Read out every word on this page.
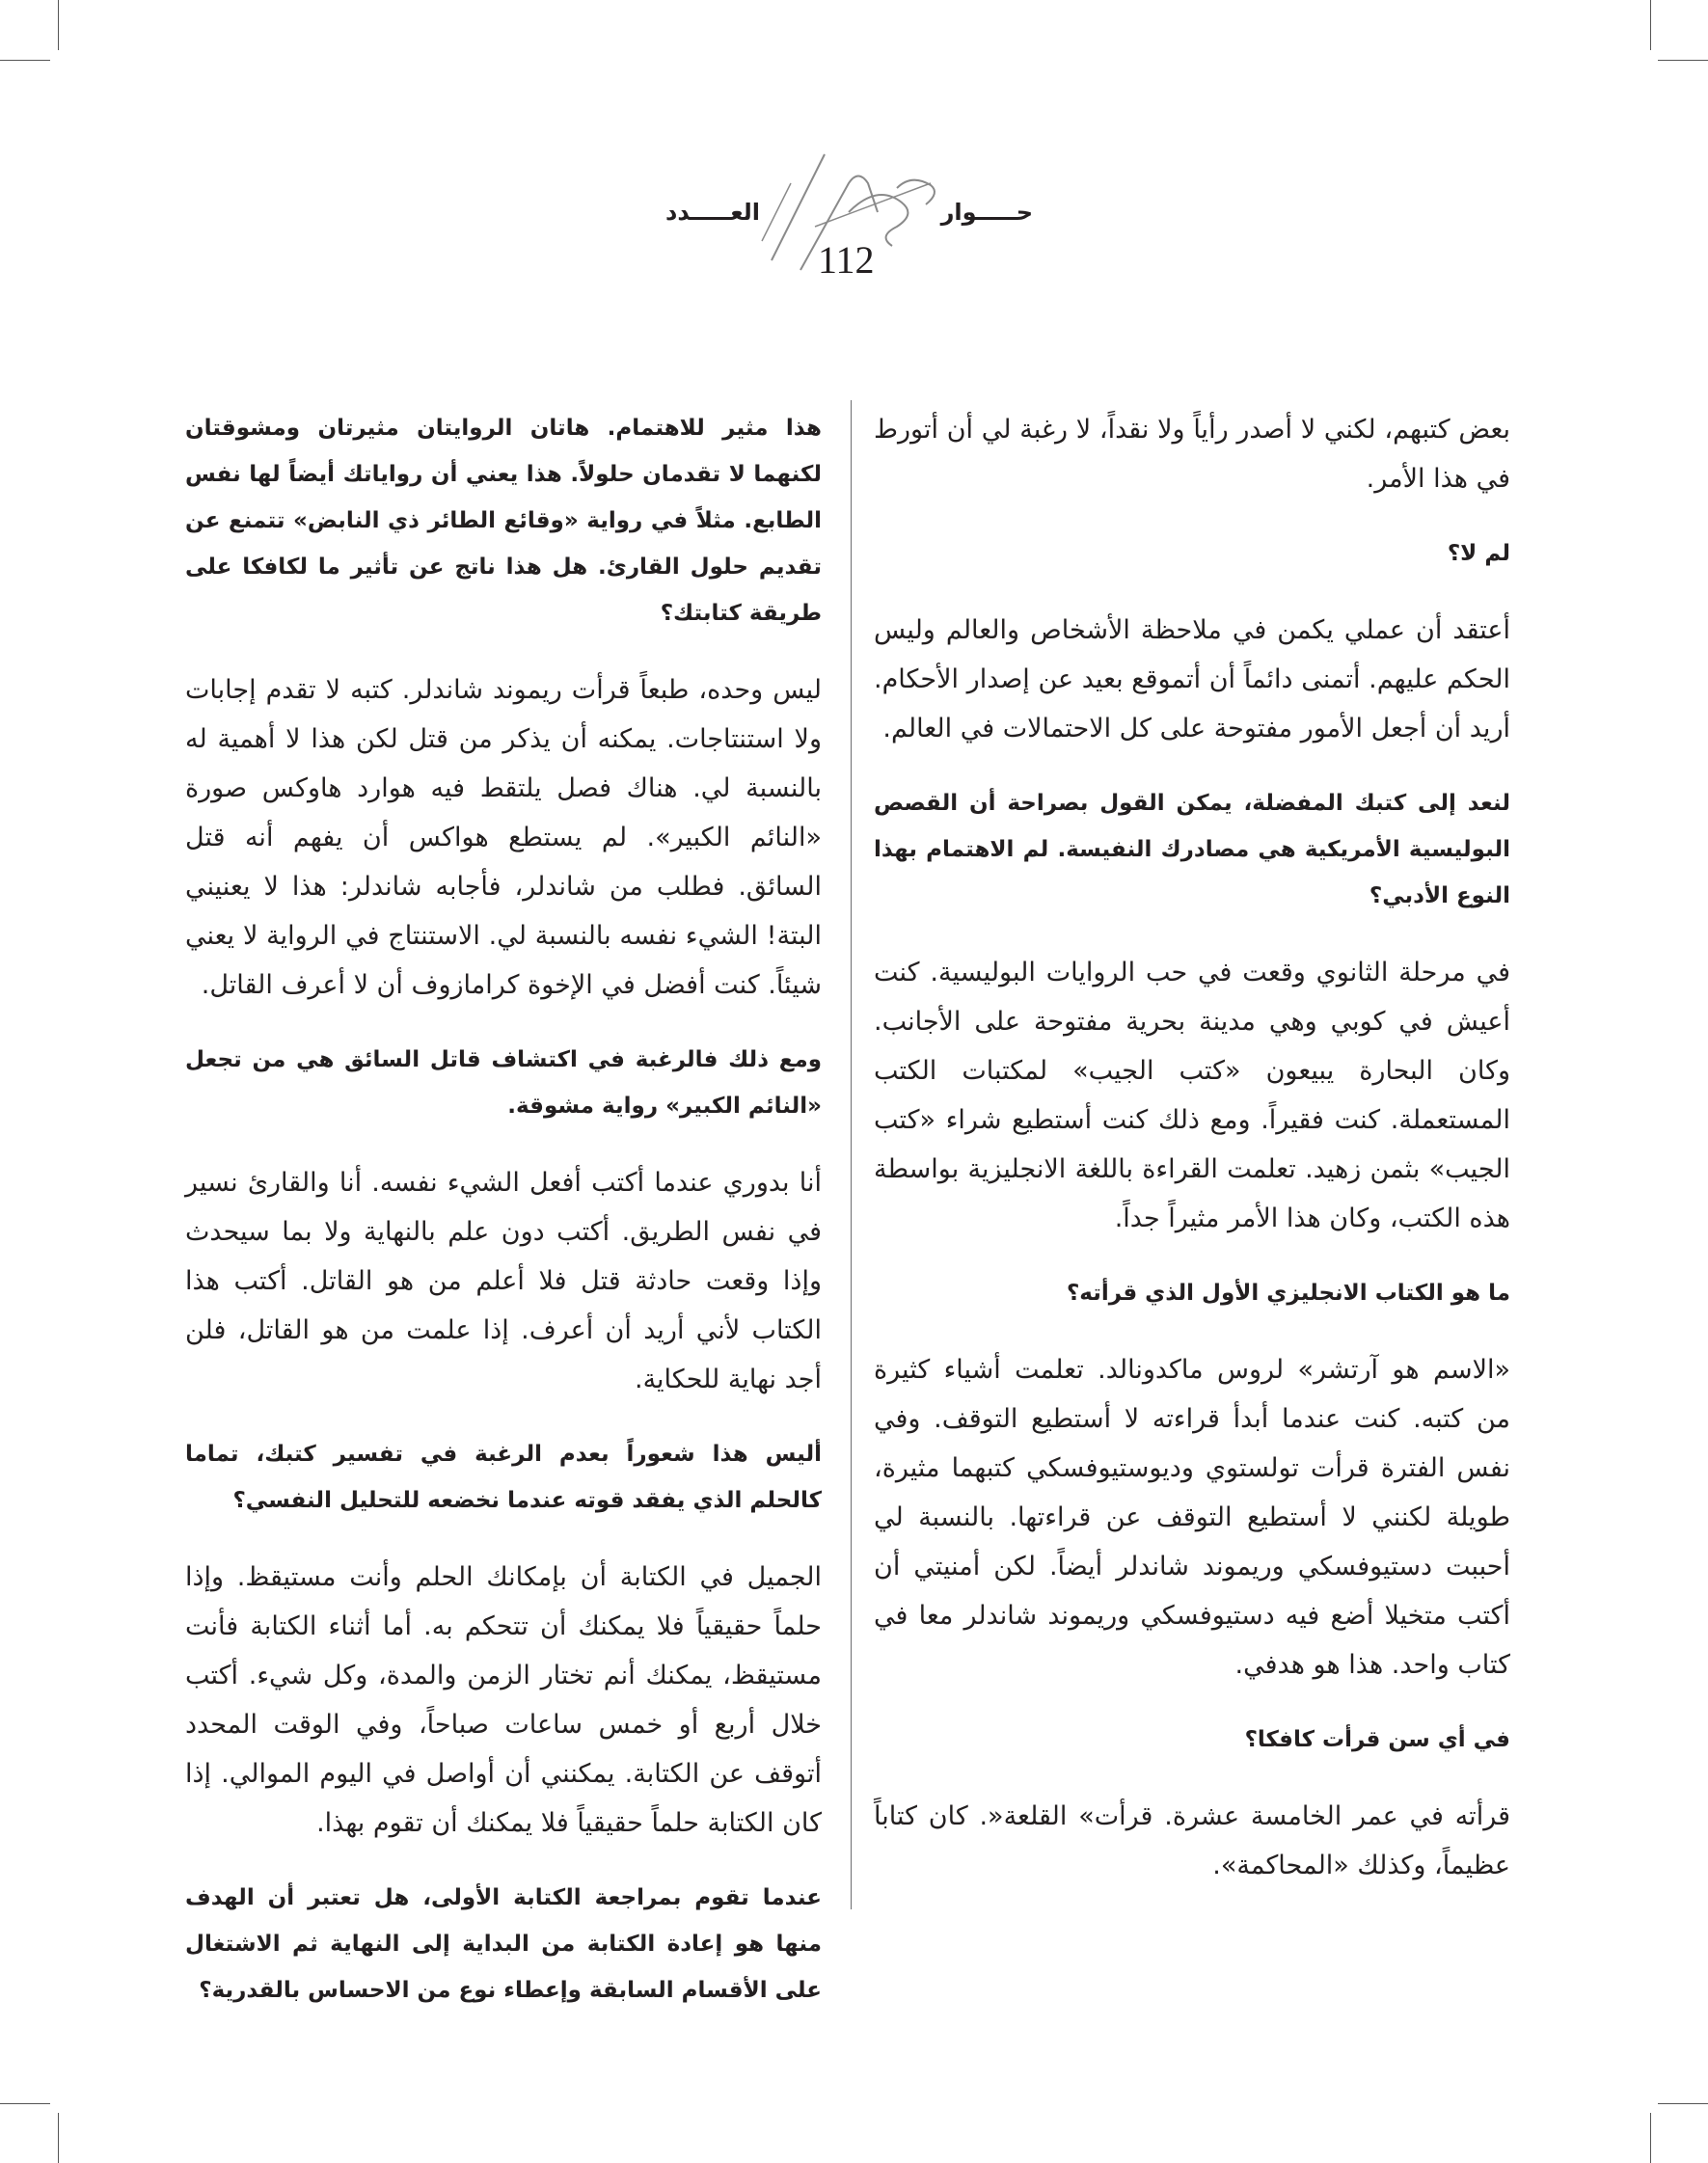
حـــــوار
العـــــدد
112

بعض كتبهم، لكني لا أصدر رأياً ولا نقداً، لا رغبة لي أن أتورط في هذا الأمر.

لم لا؟

أعتقد أن عملي يكمن في ملاحظة الأشخاص والعالم وليس الحكم عليهم. أتمنى دائماً أن أتموقع بعيد عن إصدار الأحكام. أريد أن أجعل الأمور مفتوحة على كل الاحتمالات في العالم.

لنعد إلى كتبك المفضلة، يمكن القول بصراحة أن القصص البوليسية الأمريكية هي مصادرك النفيسة. لم الاهتمام بهذا النوع الأدبي؟

في مرحلة الثانوي وقعت في حب الروايات البوليسية. كنت أعيش في كوبي وهي مدينة بحرية مفتوحة على الأجانب. وكان البحارة يبيعون «كتب الجيب» لمكتبات الكتب المستعملة. كنت فقيراً. ومع ذلك كنت أستطيع شراء «كتب الجيب» بثمن زهيد. تعلمت القراءة باللغة الانجليزية بواسطة هذه الكتب، وكان هذا الأمر مثيراً جداً.

ما هو الكتاب الانجليزي الأول الذي قرأته؟

«الاسم هو آرتشر» لروس ماكدونالد. تعلمت أشياء كثيرة من كتبه. كنت عندما أبدأ قراءته لا أستطيع التوقف. وفي نفس الفترة قرأت تولستوي وديوستيوفسكي كتبهما مثيرة، طويلة لكنني لا أستطيع التوقف عن قراءتها. بالنسبة لي أحببت دستيوفسكي وريموند شاندلر أيضاً. لكن أمنيتي أن أكتب متخيلا أضع فيه دستيوفسكي وريموند شاندلر معا في كتاب واحد. هذا هو هدفي.

في أي سن قرأت كافكا؟

قرأته في عمر الخامسة عشرة. قرأت» القلعة«. كان كتاباً عظيماً، وكذلك «المحاكمة».

هذا مثير للاهتمام. هاتان الروايتان مثيرتان ومشوقتان لكنهما لا تقدمان حلولاً. هذا يعني أن رواياتك أيضاً لها نفس الطابع. مثلاً في رواية «وقائع الطائر ذي النابض» تتمنع عن تقديم حلول القارئ. هل هذا ناتج عن تأثير ما لكافكا على طريقة كتابتك؟

ليس وحده، طبعاً قرأت ريموند شاندلر. كتبه لا تقدم إجابات ولا استنتاجات. يمكنه أن يذكر من قتل لكن هذا لا أهمية له بالنسبة لي. هناك فصل يلتقط فيه هوارد هاوكس صورة «النائم الكبير». لم يستطع هواكس أن يفهم أنه قتل السائق. فطلب من شاندلر، فأجابه شاندلر: هذا لا يعنيني البتة! الشيء نفسه بالنسبة لي. الاستنتاج في الرواية لا يعني شيئاً. كنت أفضل في الإخوة كرامازوف أن لا أعرف القاتل.

ومع ذلك فالرغبة في اكتشاف قاتل السائق هي من تجعل «النائم الكبير» رواية مشوقة.

أنا بدوري عندما أكتب أفعل الشيء نفسه. أنا والقارئ نسير في نفس الطريق. أكتب دون علم بالنهاية ولا بما سيحدث وإذا وقعت حادثة قتل فلا أعلم من هو القاتل. أكتب هذا الكتاب لأني أريد أن أعرف. إذا علمت من هو القاتل، فلن أجد نهاية للحكاية.

أليس هذا شعوراً بعدم الرغبة في تفسير كتبك، تماما كالحلم الذي يفقد قوته عندما نخضعه للتحليل النفسي؟

الجميل في الكتابة أن بإمكانك الحلم وأنت مستيقظ. وإذا حلماً حقيقياً فلا يمكنك أن تتحكم به. أما أثناء الكتابة فأنت مستيقظ، يمكنك أنم تختار الزمن والمدة، وكل شيء. أكتب خلال أربع أو خمس ساعات صباحاً، وفي الوقت المحدد أتوقف عن الكتابة. يمكنني أن أواصل في اليوم الموالي. إذا كان الكتابة حلماً حقيقياً فلا يمكنك أن تقوم بهذا.

عندما تقوم بمراجعة الكتابة الأولى، هل تعتبر أن الهدف منها هو إعادة الكتابة من البداية إلى النهاية ثم الاشتغال على الأقسام السابقة وإعطاء نوع من الاحساس بالقدرية؟
